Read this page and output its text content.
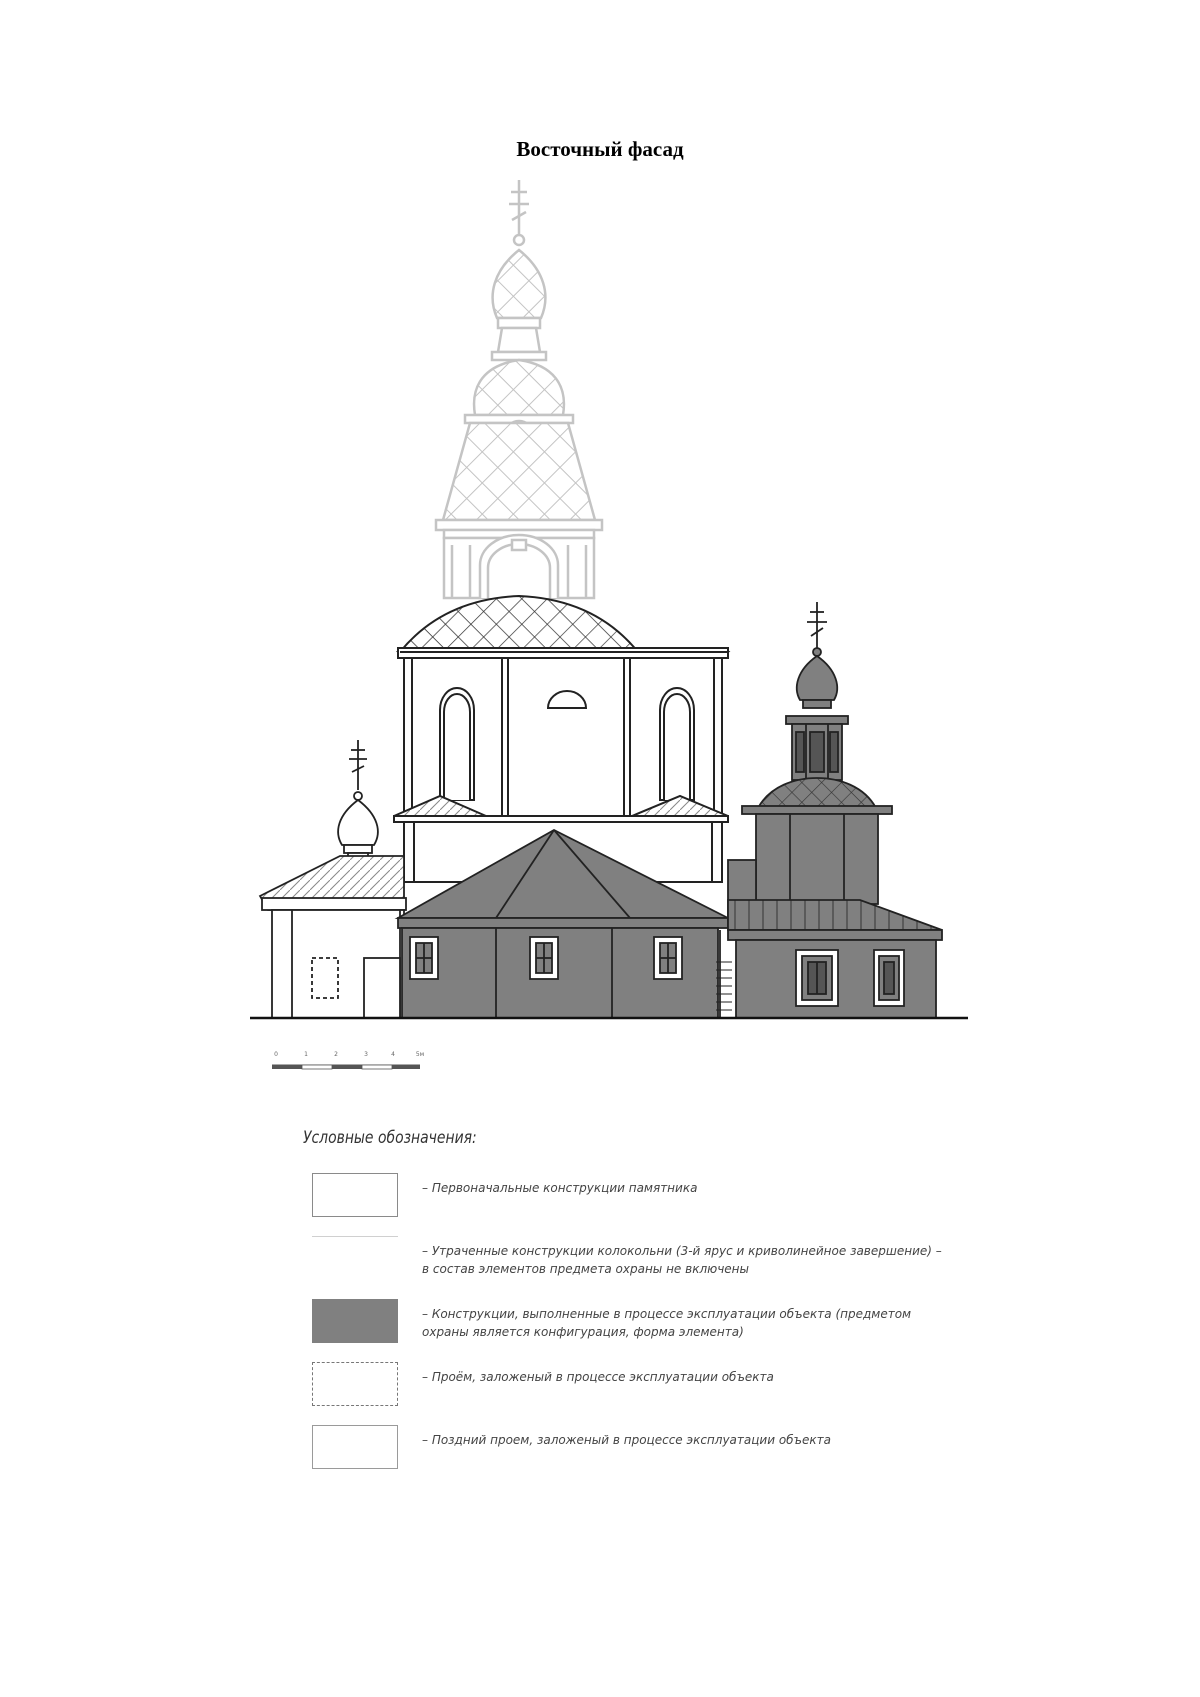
Восточный фасад
0	1	2	3	4	5м
Условные обозначения:
– Первоначальные конструкции памятника
– Утраченные конструкции колокольни (3-й ярус и криволинейное завершение) – в состав элементов предмета охраны не включены
– Конструкции, выполненные в процессе эксплуатации объекта (предметом охраны является конфигурация, форма элемента)
– Проём, заложеный в процессе эксплуатации объекта
– Поздний проем, заложеный в процессе эксплуатации объекта
